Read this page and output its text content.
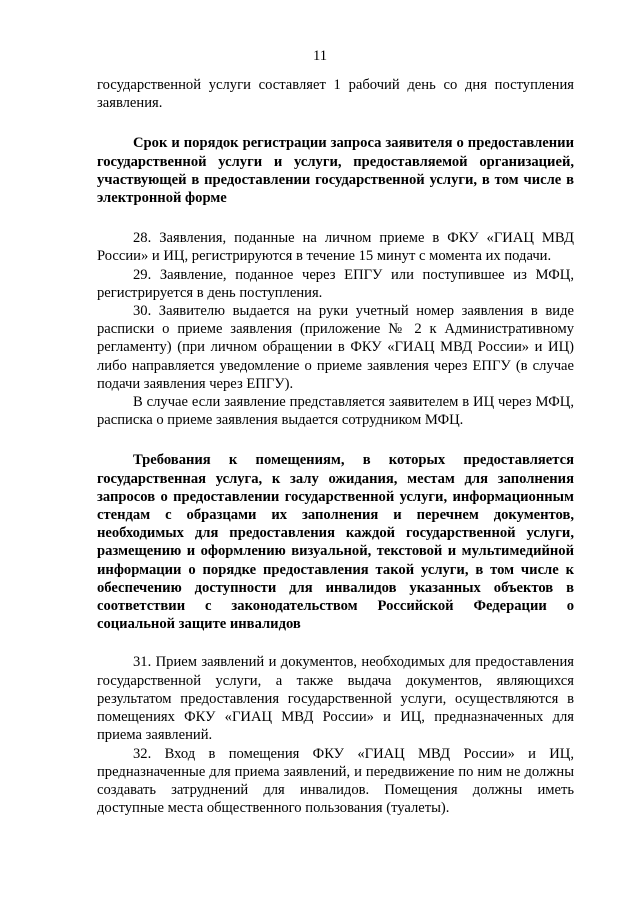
11

государственной услуги составляет 1 рабочий день со дня поступления заявления.

Срок и порядок регистрации запроса заявителя о предоставлении государственной услуги и услуги, предоставляемой организацией, участвующей в предоставлении государственной услуги, в том числе в электронной форме

28. Заявления, поданные на личном приеме в ФКУ «ГИАЦ МВД России» и ИЦ, регистрируются в течение 15 минут с момента их подачи.

29. Заявление, поданное через ЕПГУ или поступившее из МФЦ, регистрируется в день поступления.

30. Заявителю выдается на руки учетный номер заявления в виде расписки о приеме заявления (приложение № 2 к Административному регламенту) (при личном обращении в ФКУ «ГИАЦ МВД России» и ИЦ) либо направляется уведомление о приеме заявления через ЕПГУ (в случае подачи заявления через ЕПГУ).

В случае если заявление представляется заявителем в ИЦ через МФЦ, расписка о приеме заявления выдается сотрудником МФЦ.

Требования к помещениям, в которых предоставляется государственная услуга, к залу ожидания, местам для заполнения запросов о предоставлении государственной услуги, информационным стендам с образцами их заполнения и перечнем документов, необходимых для предоставления каждой государственной услуги, размещению и оформлению визуальной, текстовой и мультимедийной информации о порядке предоставления такой услуги, в том числе к обеспечению доступности для инвалидов указанных объектов в соответствии с законодательством Российской Федерации о социальной защите инвалидов

31. Прием заявлений и документов, необходимых для предоставления государственной услуги, а также выдача документов, являющихся результатом предоставления государственной услуги, осуществляются в помещениях ФКУ «ГИАЦ МВД России» и ИЦ, предназначенных для приема заявлений.

32. Вход в помещения ФКУ «ГИАЦ МВД России» и ИЦ, предназначенные для приема заявлений, и передвижение по ним не должны создавать затруднений для инвалидов. Помещения должны иметь доступные места общественного пользования (туалеты).
